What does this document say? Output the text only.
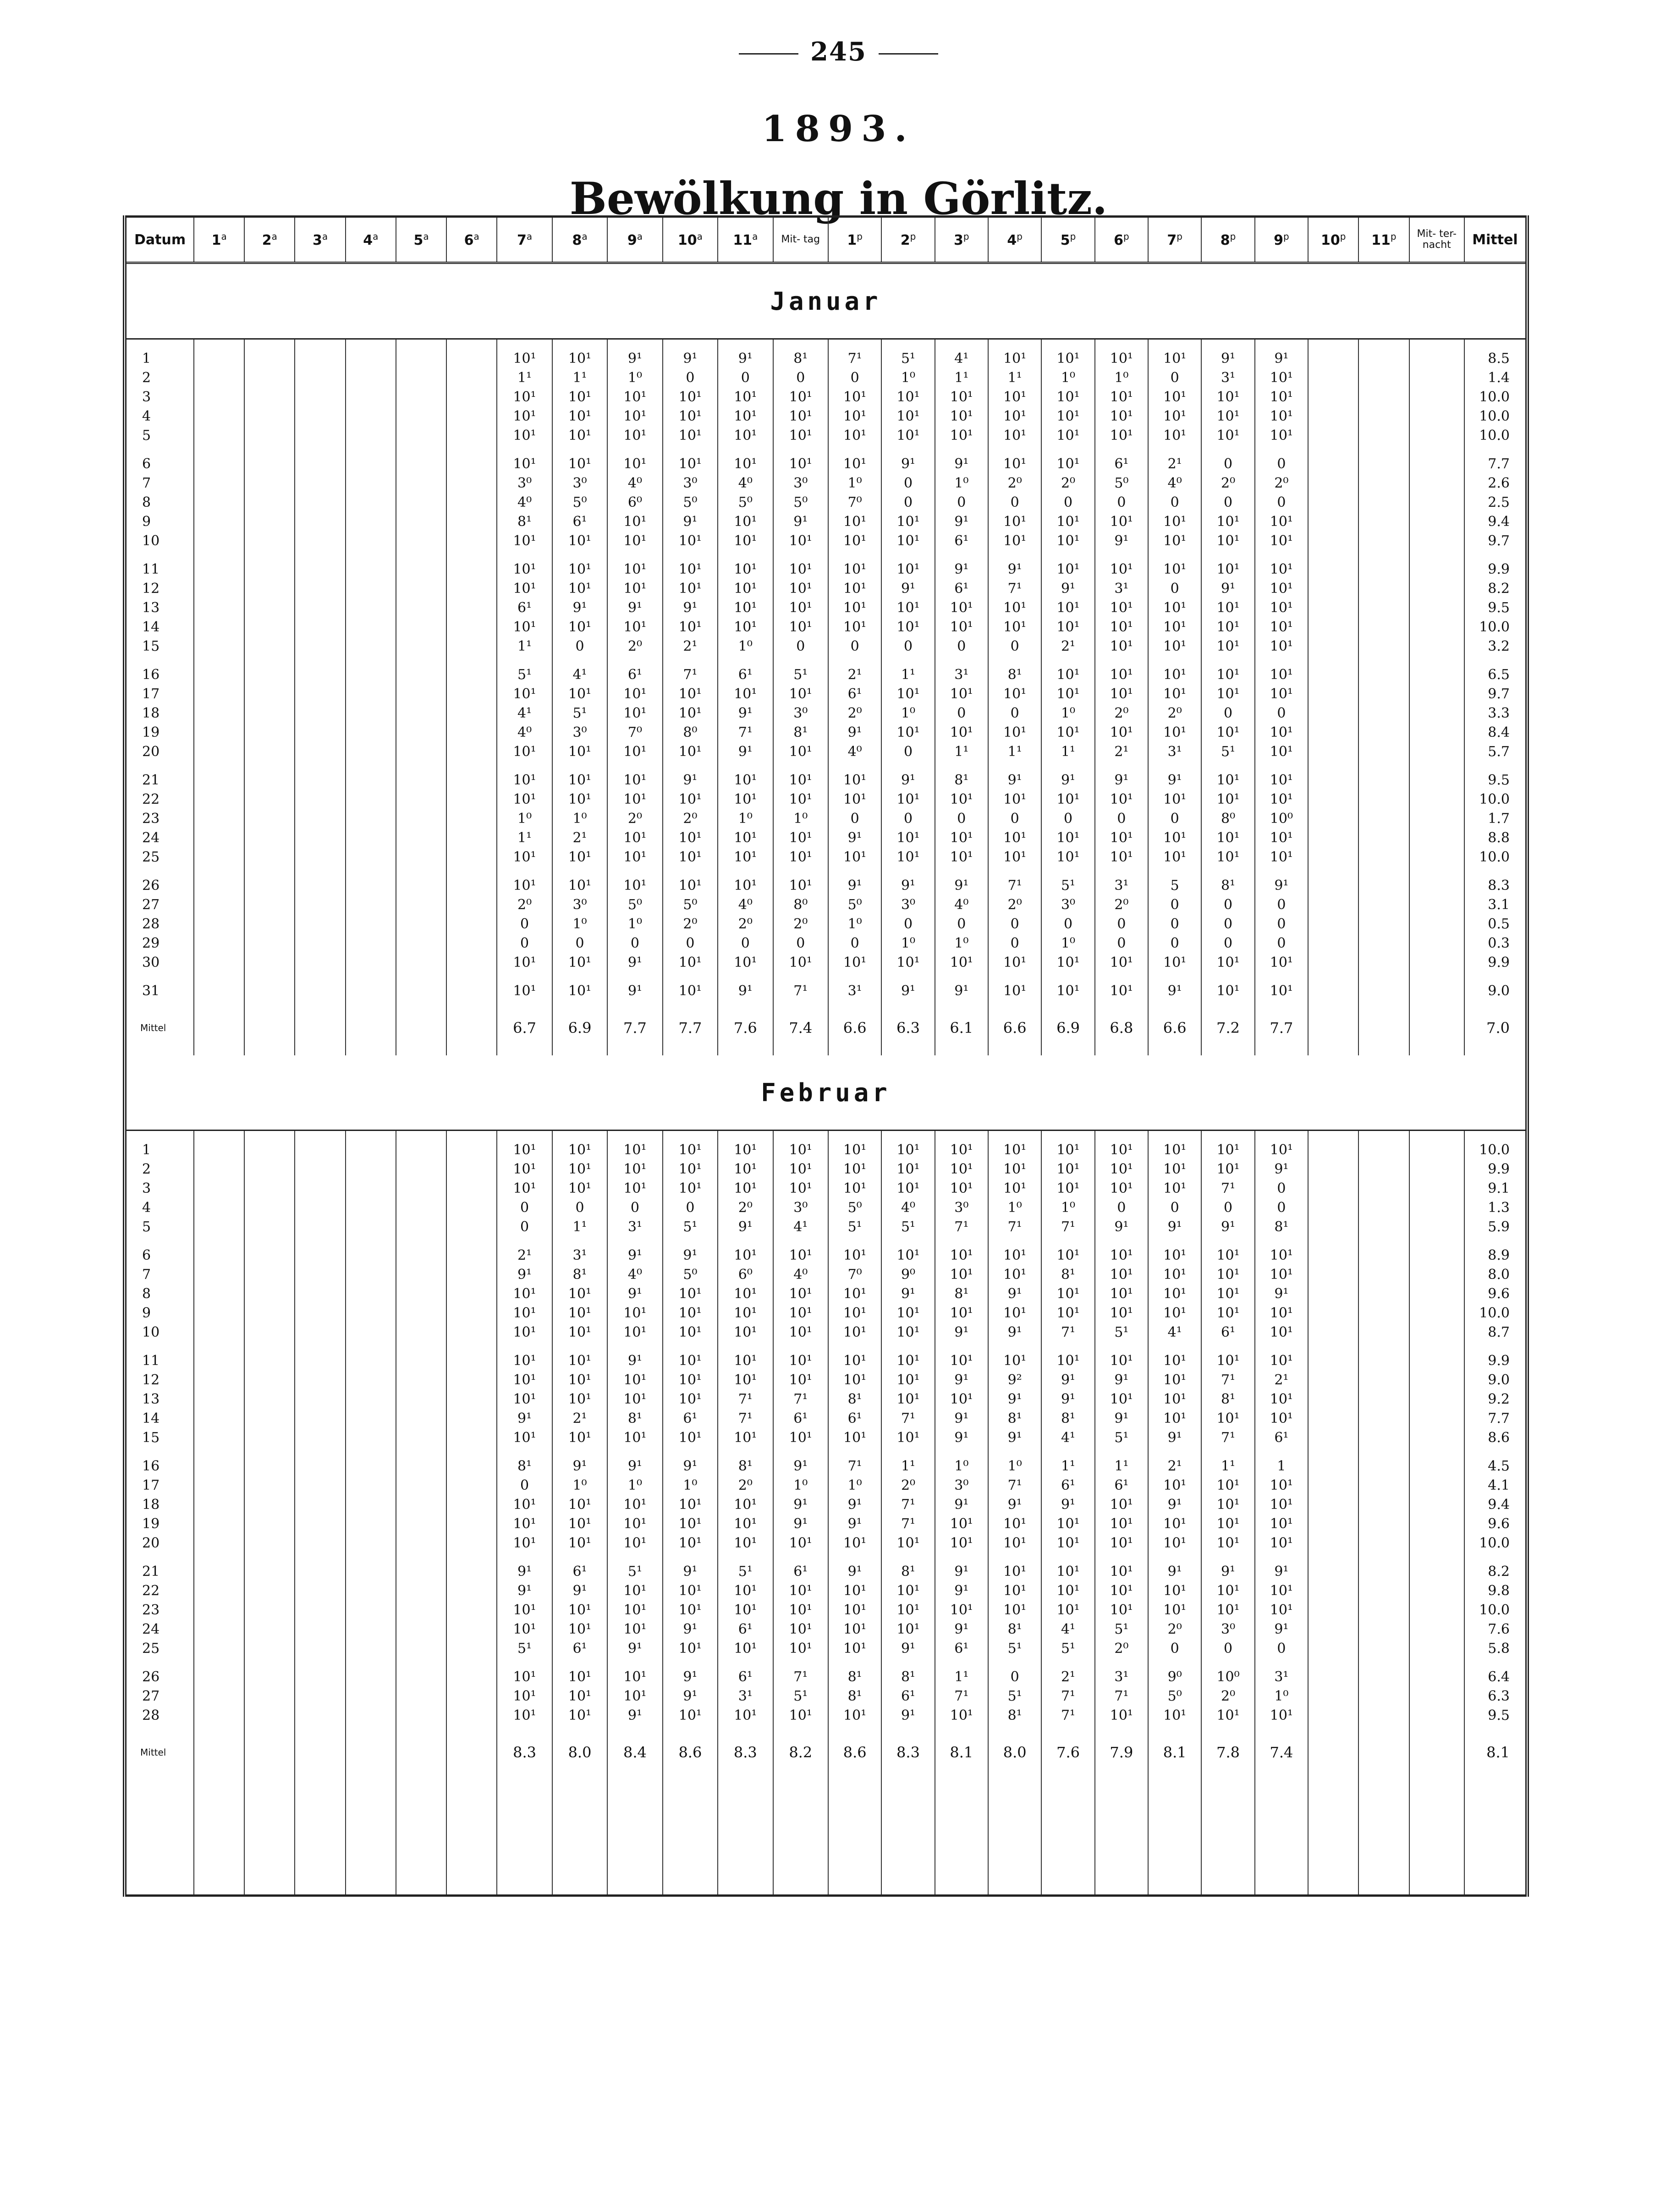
245
1893.
Bewölkung in Görlitz.
Datum	1$^a$	2$^a$	3$^a$	4$^a$	5$^a$	6$^a$	7$^a$	8$^a$	9$^a$	10$^a$	11$^a$	Mit- tag	1$^p$	2$^p$	3$^p$	4$^p$	5$^p$	6$^p$	7$^p$	8$^p$	9$^p$	10$^p$	11$^p$	Mit- ter- nacht	Mittel
Januar																									
1							10¹	10¹	9¹	9¹	9¹	8¹	7¹	5¹	4¹	10¹	10¹	10¹	10¹	9¹	9¹				8.5
2							1¹	1¹	1⁰	0	0	0	0	1⁰	1¹	1¹	1⁰	1⁰	0	3¹	10¹				1.4
3							10¹	10¹	10¹	10¹	10¹	10¹	10¹	10¹	10¹	10¹	10¹	10¹	10¹	10¹	10¹				10.0
4							10¹	10¹	10¹	10¹	10¹	10¹	10¹	10¹	10¹	10¹	10¹	10¹	10¹	10¹	10¹				10.0
5							10¹	10¹	10¹	10¹	10¹	10¹	10¹	10¹	10¹	10¹	10¹	10¹	10¹	10¹	10¹				10.0
6							10¹	10¹	10¹	10¹	10¹	10¹	10¹	9¹	9¹	10¹	10¹	6¹	2¹	0	0				7.7
7							3⁰	3⁰	4⁰	3⁰	4⁰	3⁰	1⁰	0	1⁰	2⁰	2⁰	5⁰	4⁰	2⁰	2⁰				2.6
8							4⁰	5⁰	6⁰	5⁰	5⁰	5⁰	7⁰	0	0	0	0	0	0	0	0				2.5
9							8¹	6¹	10¹	9¹	10¹	9¹	10¹	10¹	9¹	10¹	10¹	10¹	10¹	10¹	10¹				9.4
10							10¹	10¹	10¹	10¹	10¹	10¹	10¹	10¹	6¹	10¹	10¹	9¹	10¹	10¹	10¹				9.7
11							10¹	10¹	10¹	10¹	10¹	10¹	10¹	10¹	9¹	9¹	10¹	10¹	10¹	10¹	10¹				9.9
12							10¹	10¹	10¹	10¹	10¹	10¹	10¹	9¹	6¹	7¹	9¹	3¹	0	9¹	10¹				8.2
13							6¹	9¹	9¹	9¹	10¹	10¹	10¹	10¹	10¹	10¹	10¹	10¹	10¹	10¹	10¹				9.5
14							10¹	10¹	10¹	10¹	10¹	10¹	10¹	10¹	10¹	10¹	10¹	10¹	10¹	10¹	10¹				10.0
15							1¹	0	2⁰	2¹	1⁰	0	0	0	0	0	2¹	10¹	10¹	10¹	10¹				3.2
16							5¹	4¹	6¹	7¹	6¹	5¹	2¹	1¹	3¹	8¹	10¹	10¹	10¹	10¹	10¹				6.5
17							10¹	10¹	10¹	10¹	10¹	10¹	6¹	10¹	10¹	10¹	10¹	10¹	10¹	10¹	10¹				9.7
18							4¹	5¹	10¹	10¹	9¹	3⁰	2⁰	1⁰	0	0	1⁰	2⁰	2⁰	0	0				3.3
19							4⁰	3⁰	7⁰	8⁰	7¹	8¹	9¹	10¹	10¹	10¹	10¹	10¹	10¹	10¹	10¹				8.4
20							10¹	10¹	10¹	10¹	9¹	10¹	4⁰	0	1¹	1¹	1¹	2¹	3¹	5¹	10¹				5.7
21							10¹	10¹	10¹	9¹	10¹	10¹	10¹	9¹	8¹	9¹	9¹	9¹	9¹	10¹	10¹				9.5
22							10¹	10¹	10¹	10¹	10¹	10¹	10¹	10¹	10¹	10¹	10¹	10¹	10¹	10¹	10¹				10.0
23							1⁰	1⁰	2⁰	2⁰	1⁰	1⁰	0	0	0	0	0	0	0	8⁰	10⁰				1.7
24							1¹	2¹	10¹	10¹	10¹	10¹	9¹	10¹	10¹	10¹	10¹	10¹	10¹	10¹	10¹				8.8
25							10¹	10¹	10¹	10¹	10¹	10¹	10¹	10¹	10¹	10¹	10¹	10¹	10¹	10¹	10¹				10.0
26							10¹	10¹	10¹	10¹	10¹	10¹	9¹	9¹	9¹	7¹	5¹	3¹	5	8¹	9¹				8.3
27							2⁰	3⁰	5⁰	5⁰	4⁰	8⁰	5⁰	3⁰	4⁰	2⁰	3⁰	2⁰	0	0	0				3.1
28							0	1⁰	1⁰	2⁰	2⁰	2⁰	1⁰	0	0	0	0	0	0	0	0				0.5
29							0	0	0	0	0	0	0	1⁰	1⁰	0	1⁰	0	0	0	0				0.3
30							10¹	10¹	9¹	10¹	10¹	10¹	10¹	10¹	10¹	10¹	10¹	10¹	10¹	10¹	10¹				9.9
31							10¹	10¹	9¹	10¹	9¹	7¹	3¹	9¹	9¹	10¹	10¹	10¹	9¹	10¹	10¹				9.0
Mittel							6.7	6.9	7.7	7.7	7.6	7.4	6.6	6.3	6.1	6.6	6.9	6.8	6.6	7.2	7.7				7.0
Februar																									
1							10¹	10¹	10¹	10¹	10¹	10¹	10¹	10¹	10¹	10¹	10¹	10¹	10¹	10¹	10¹				10.0
2							10¹	10¹	10¹	10¹	10¹	10¹	10¹	10¹	10¹	10¹	10¹	10¹	10¹	10¹	9¹				9.9
3							10¹	10¹	10¹	10¹	10¹	10¹	10¹	10¹	10¹	10¹	10¹	10¹	10¹	7¹	0				9.1
4							0	0	0	0	2⁰	3⁰	5⁰	4⁰	3⁰	1⁰	1⁰	0	0	0	0				1.3
5							0	1¹	3¹	5¹	9¹	4¹	5¹	5¹	7¹	7¹	7¹	9¹	9¹	9¹	8¹				5.9
6							2¹	3¹	9¹	9¹	10¹	10¹	10¹	10¹	10¹	10¹	10¹	10¹	10¹	10¹	10¹				8.9
7							9¹	8¹	4⁰	5⁰	6⁰	4⁰	7⁰	9⁰	10¹	10¹	8¹	10¹	10¹	10¹	10¹				8.0
8							10¹	10¹	9¹	10¹	10¹	10¹	10¹	9¹	8¹	9¹	10¹	10¹	10¹	10¹	9¹				9.6
9							10¹	10¹	10¹	10¹	10¹	10¹	10¹	10¹	10¹	10¹	10¹	10¹	10¹	10¹	10¹				10.0
10							10¹	10¹	10¹	10¹	10¹	10¹	10¹	10¹	9¹	9¹	7¹	5¹	4¹	6¹	10¹				8.7
11							10¹	10¹	9¹	10¹	10¹	10¹	10¹	10¹	10¹	10¹	10¹	10¹	10¹	10¹	10¹				9.9
12							10¹	10¹	10¹	10¹	10¹	10¹	10¹	10¹	9¹	9²	9¹	9¹	10¹	7¹	2¹				9.0
13							10¹	10¹	10¹	10¹	7¹	7¹	8¹	10¹	10¹	9¹	9¹	10¹	10¹	8¹	10¹				9.2
14							9¹	2¹	8¹	6¹	7¹	6¹	6¹	7¹	9¹	8¹	8¹	9¹	10¹	10¹	10¹				7.7
15							10¹	10¹	10¹	10¹	10¹	10¹	10¹	10¹	9¹	9¹	4¹	5¹	9¹	7¹	6¹				8.6
16							8¹	9¹	9¹	9¹	8¹	9¹	7¹	1¹	1⁰	1⁰	1¹	1¹	2¹	1¹	1				4.5
17							0	1⁰	1⁰	1⁰	2⁰	1⁰	1⁰	2⁰	3⁰	7¹	6¹	6¹	10¹	10¹	10¹				4.1
18							10¹	10¹	10¹	10¹	10¹	9¹	9¹	7¹	9¹	9¹	9¹	10¹	9¹	10¹	10¹				9.4
19							10¹	10¹	10¹	10¹	10¹	9¹	9¹	7¹	10¹	10¹	10¹	10¹	10¹	10¹	10¹				9.6
20							10¹	10¹	10¹	10¹	10¹	10¹	10¹	10¹	10¹	10¹	10¹	10¹	10¹	10¹	10¹				10.0
21							9¹	6¹	5¹	9¹	5¹	6¹	9¹	8¹	9¹	10¹	10¹	10¹	9¹	9¹	9¹				8.2
22							9¹	9¹	10¹	10¹	10¹	10¹	10¹	10¹	9¹	10¹	10¹	10¹	10¹	10¹	10¹				9.8
23							10¹	10¹	10¹	10¹	10¹	10¹	10¹	10¹	10¹	10¹	10¹	10¹	10¹	10¹	10¹				10.0
24							10¹	10¹	10¹	9¹	6¹	10¹	10¹	10¹	9¹	8¹	4¹	5¹	2⁰	3⁰	9¹				7.6
25							5¹	6¹	9¹	10¹	10¹	10¹	10¹	9¹	6¹	5¹	5¹	2⁰	0	0	0				5.8
26							10¹	10¹	10¹	9¹	6¹	7¹	8¹	8¹	1¹	0	2¹	3¹	9⁰	10⁰	3¹				6.4
27							10¹	10¹	10¹	9¹	3¹	5¹	8¹	6¹	7¹	5¹	7¹	7¹	5⁰	2⁰	1⁰				6.3
28							10¹	10¹	9¹	10¹	10¹	10¹	10¹	9¹	10¹	8¹	7¹	10¹	10¹	10¹	10¹				9.5
Mittel							8.3	8.0	8.4	8.6	8.3	8.2	8.6	8.3	8.1	8.0	7.6	7.9	8.1	7.8	7.4				8.1
